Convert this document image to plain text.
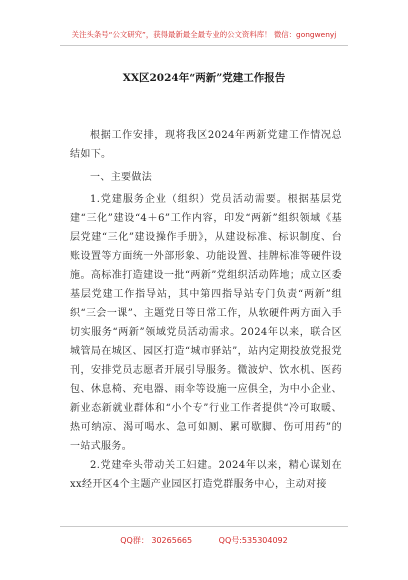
关注头条号“公文研究”，获得最新最全最专业的公文资料库！ 微信：gongwenyj
XX区2024年“两新”党建工作报告

根据工作安排，现将我区2024年两新党建工作情况总结如下。

一、主要做法

1.党建服务企业（组织）党员活动需要。根据基层党建“三化”建设“4＋6”工作内容，印发“两新”组织领域《基层党建“三化”建设操作手册》，从建设标准、标识制度、台账设置等方面统一外部形象、功能设置、挂牌标准等硬件设施。高标准打造建设一批“两新”党组织活动阵地；成立区委基层党建工作指导站，其中第四指导站专门负责“两新”组织“三会一课”、主题党日等日常工作，从软硬件两方面入手切实服务“两新”领域党员活动需求。2024年以来，联合区城管局在城区、园区打造“城市驿站”，站内定期投放党报党刊，安排党员志愿者开展引导服务。微波炉、饮水机、医药包、休息椅、充电器、雨伞等设施一应俱全，为中小企业、新业态新就业群体和“小个专”行业工作者提供“冷可取暖、热可纳凉、渴可喝水、急可如厕、累可歇脚、伤可用药”的一站式服务。

2.党建牵头带动关工妇建。2024年以来，精心谋划在xx经开区4个主题产业园区打造党群服务中心，主动对接

QQ群： 30265665	QQ号:535304092
